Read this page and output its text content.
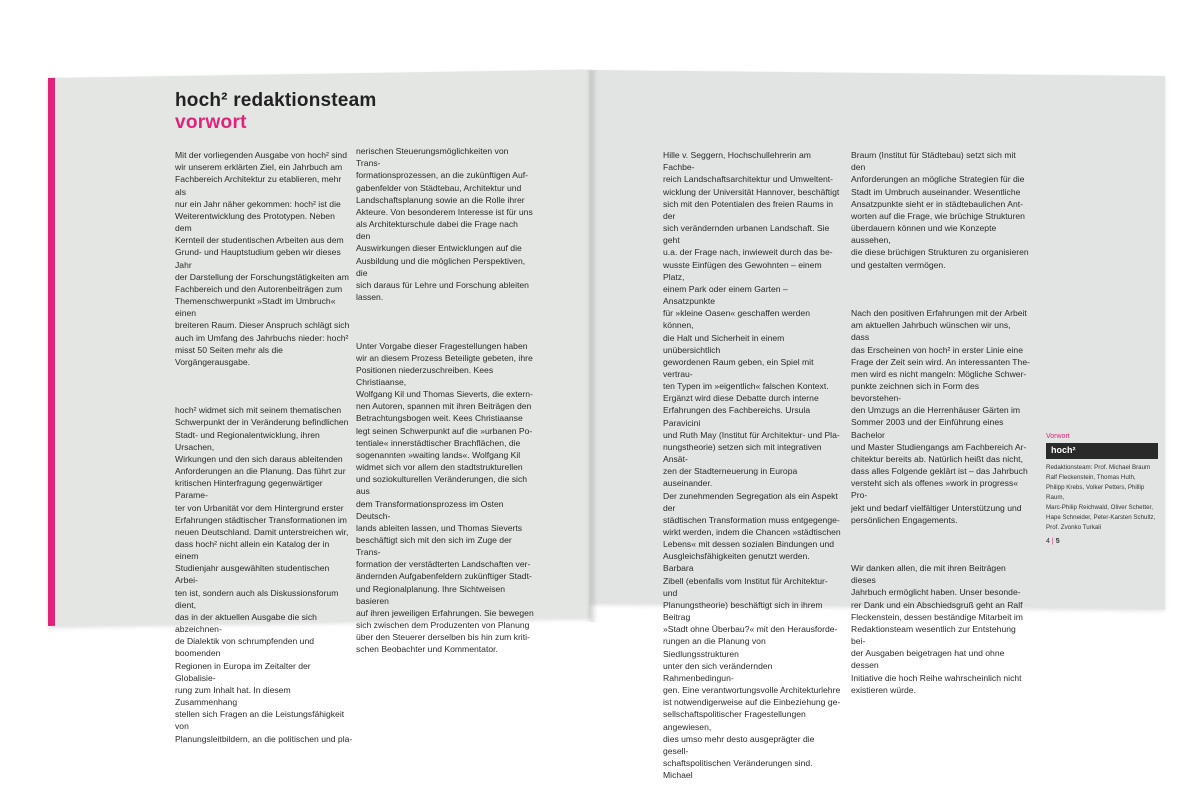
hoch² redaktionsteam
vorwort

Mit der vorliegenden Ausgabe von hoch² sind
wir unserem erklärten Ziel, ein Jahrbuch am
Fachbereich Architektur zu etablieren, mehr als
nur ein Jahr näher gekommen: hoch² ist die
Weiterentwicklung des Prototypen. Neben dem
Kernteil der studentischen Arbeiten aus dem
Grund- und Hauptstudium geben wir dieses Jahr
der Darstellung der Forschungstätigkeiten am
Fachbereich und den Autorenbeiträgen zum
Themenschwerpunkt »Stadt im Umbruch« einen
breiteren Raum. Dieser Anspruch schlägt sich
auch im Umfang des Jahrbuchs nieder: hoch²
misst 50 Seiten mehr als die Vorgängerausgabe.

hoch² widmet sich mit seinem thematischen
Schwerpunkt der in Veränderung befindlichen
Stadt- und Regionalentwicklung, ihren Ursachen,
Wirkungen und den sich daraus ableitenden
Anforderungen an die Planung. Das führt zur
kritischen Hinterfragung gegenwärtiger Parame-
ter von Urbanität vor dem Hintergrund erster
Erfahrungen städtischer Transformationen im
neuen Deutschland. Damit unterstreichen wir,
dass hoch² nicht allein ein Katalog der in einem
Studienjahr ausgewählten studentischen Arbei-
ten ist, sondern auch als Diskussionsforum dient,
das in der aktuellen Ausgabe die sich abzeichnen-
de Dialektik von schrumpfenden und boomenden
Regionen in Europa im Zeitalter der Globalisie-
rung zum Inhalt hat. In diesem Zusammenhang
stellen sich Fragen an die Leistungsfähigkeit von
Planungsleitbildern, an die politischen und pla-

nerischen Steuerungsmöglichkeiten von Trans-
formationsprozessen, an die zukünftigen Auf-
gabenfelder von Städtebau, Architektur und
Landschaftsplanung sowie an die Rolle ihrer
Akteure. Von besonderem Interesse ist für uns
als Architekturschule dabei die Frage nach den
Auswirkungen dieser Entwicklungen auf die
Ausbildung und die möglichen Perspektiven, die
sich daraus für Lehre und Forschung ableiten
lassen.

Unter Vorgabe dieser Fragestellungen haben
wir an diesem Prozess Beteiligte gebeten, ihre
Positionen niederzuschreiben. Kees Christiaanse,
Wolfgang Kil und Thomas Sieverts, die extern-
nen Autoren, spannen mit ihren Beiträgen den
Betrachtungsbogen weit. Kees Christiaanse
legt seinen Schwerpunkt auf die »urbanen Po-
tentiale« innerstädtischer Brachflächen, die
sogenannten »waiting lands«. Wolfgang Kil
widmet sich vor allem den stadtstrukturellen
und soziokulturellen Veränderungen, die sich aus
dem Transformationsprozess im Osten Deutsch-
lands ableiten lassen, und Thomas Sieverts
beschäftigt sich mit den sich im Zuge der Trans-
formation der verstädterten Landschaften ver-
ändernden Aufgabenfeldern zukünftiger Stadt-
und Regionalplanung. Ihre Sichtweisen basieren
auf ihren jeweiligen Erfahrungen. Sie bewegen
sich zwischen dem Produzenten von Planung
über den Steuerer derselben bis hin zum kriti-
schen Beobachter und Kommentator.

Hille v. Seggern, Hochschullehrerin am Fachbe-
reich Landschaftsarchitektur und Umweltent-
wicklung der Universität Hannover, beschäftigt
sich mit den Potentialen des freien Raums in der
sich verändernden urbanen Landschaft. Sie geht
u.a. der Frage nach, inwieweit durch das be-
wusste Einfügen des Gewohnten – einem Platz,
einem Park oder einem Garten – Ansatzpunkte
für »kleine Oasen« geschaffen werden können,
die Halt und Sicherheit in einem unübersichtlich
gewordenen Raum geben, ein Spiel mit vertrau-
ten Typen im »eigentlich« falschen Kontext.
Ergänzt wird diese Debatte durch interne
Erfahrungen des Fachbereichs. Ursula Paravicini
und Ruth May (Institut für Architektur- und Pla-
nungstheorie) setzen sich mit integrativen Ansät-
zen der Stadterneuerung in Europa auseinander.
Der zunehmenden Segregation als ein Aspekt der
städtischen Transformation muss entgegenge-
wirkt werden, indem die Chancen »städtischen
Lebens« mit dessen sozialen Bindungen und
Ausgleichsfähigkeiten genutzt werden. Barbara
Zibell (ebenfalls vom Institut für Architektur- und
Planungstheorie) beschäftigt sich in ihrem Beitrag
»Stadt ohne Überbau?« mit den Herausforde-
rungen an die Planung von Siedlungsstrukturen
unter den sich verändernden Rahmenbedingun-
gen. Eine verantwortungsvolle Architekturlehre
ist notwendigerweise auf die Einbeziehung ge-
sellschaftspolitischer Fragestellungen angewiesen,
dies umso mehr desto ausgeprägter die gesell-
schaftspolitischen Veränderungen sind. Michael

Braum (Institut für Städtebau) setzt sich mit den
Anforderungen an mögliche Strategien für die
Stadt im Umbruch auseinander. Wesentliche
Ansatzpunkte sieht er in städtebaulichen Ant-
worten auf die Frage, wie brüchige Strukturen
überdauern können und wie Konzepte aussehen,
die diese brüchigen Strukturen zu organisieren
und gestalten vermögen.

Nach den positiven Erfahrungen mit der Arbeit
am aktuellen Jahrbuch wünschen wir uns, dass
das Erscheinen von hoch² in erster Linie eine
Frage der Zeit sein wird. An interessanten The-
men wird es nicht mangeln: Mögliche Schwer-
punkte zeichnen sich in Form des bevorstehen-
den Umzugs an die Herrenhäuser Gärten im
Sommer 2003 und der Einführung eines Bachelor
und Master Studiengangs am Fachbereich Ar-
chitektur bereits ab. Natürlich heißt das nicht,
dass alles Folgende geklärt ist – das Jahrbuch
versteht sich als offenes »work in progress« Pro-
jekt und bedarf vielfältiger Unterstützung und
persönlichen Engagements.

Wir danken allen, die mit ihren Beiträgen dieses
Jahrbuch ermöglicht haben. Unser besonde-
rer Dank und ein Abschiedsgruß geht an Ralf
Fleckenstein, dessen beständige Mitarbeit im
Redaktionsteam wesentlich zur Entstehung bei-
der Ausgaben beigetragen hat und ohne dessen
Initiative die hoch Reihe wahrscheinlich nicht
existieren würde.

Vorwort
hoch²
Redaktionsteam: Prof. Michael Braum
Ralf Fleckenstein, Thomas Huth,
Philipp Krebs, Volker Petters, Phillip Raum,
Marc-Philip Reichwald, Oliver Schetter,
Hape Schneider, Peter-Karsten Schultz,
Prof. Zvonko Turkali
4 | 5
